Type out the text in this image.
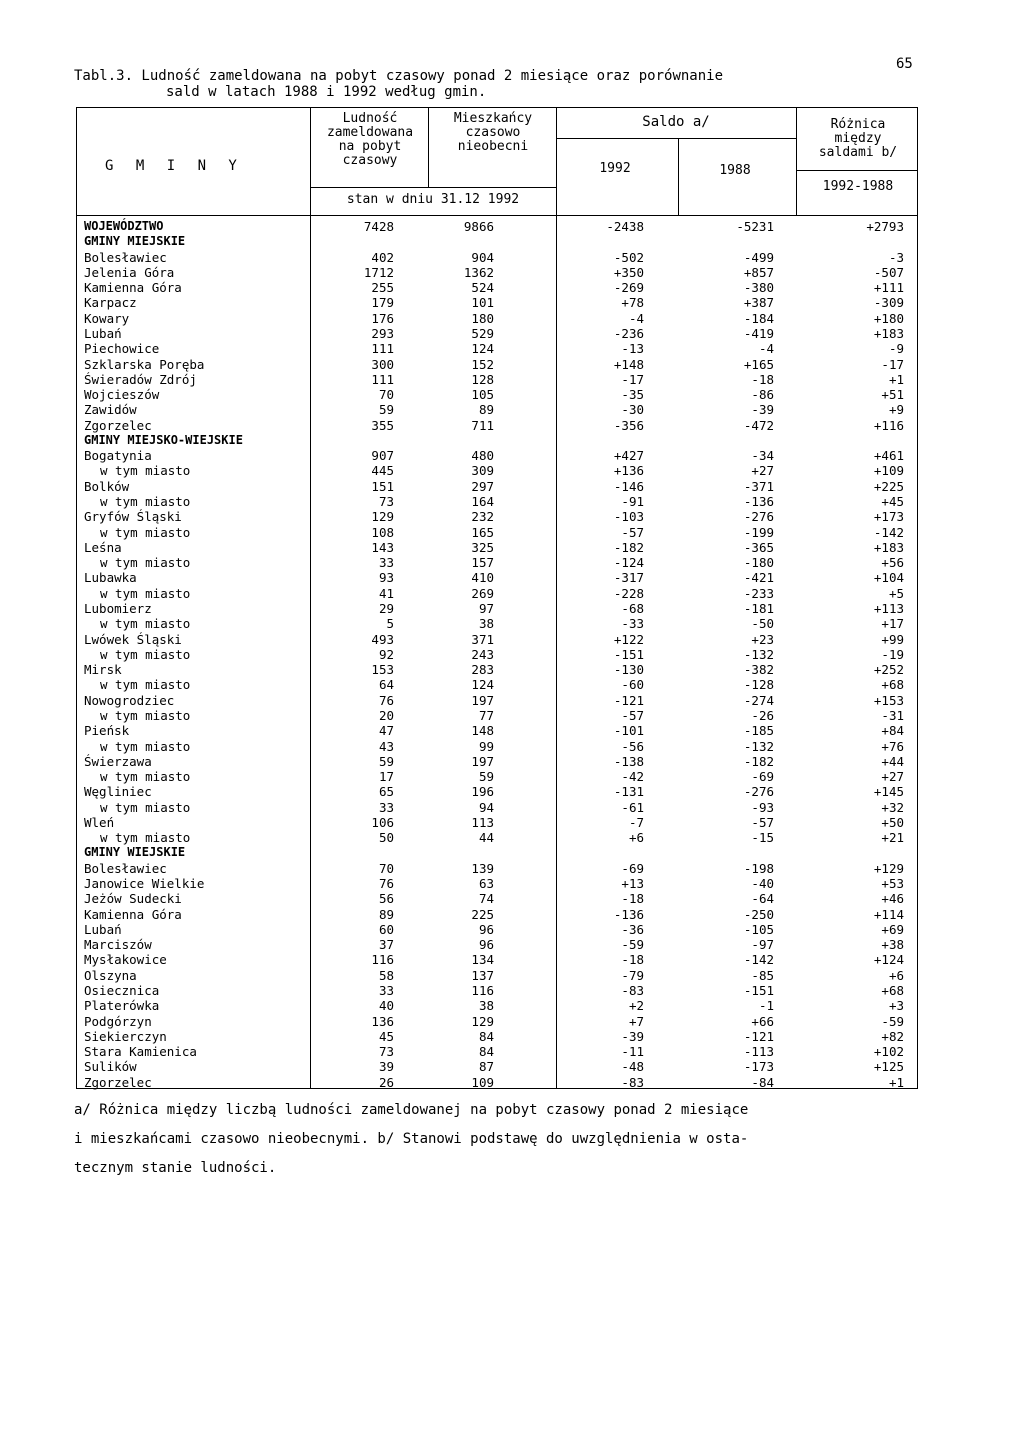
65
Tabl.3. Ludność zameldowana na pobyt czasowy ponad 2 miesiące oraz porównanie
sald w latach 1988 i 1992 według gmin.
G M I N Y
Ludność
zameldowana
na pobyt
czasowy
Mieszkańcy
czasowo
nieobecni
stan w dniu 31.12 1992
Saldo a/
1992	1988
Różnica
między
saldami b/
1992-1988
WOJEWÓDZTWO	7428	9866	-2438	-5231	+2793
GMINY MIEJSKIE
Bolesławiec	402	904	-502	-499	-3
Jelenia Góra	1712	1362	+350	+857	-507
Kamienna Góra	255	524	-269	-380	+111
Karpacz	179	101	+78	+387	-309
Kowary	176	180	-4	-184	+180
Lubań	293	529	-236	-419	+183
Piechowice	111	124	-13	-4	-9
Szklarska Poręba	300	152	+148	+165	-17
Świeradów Zdrój	111	128	-17	-18	+1
Wojcieszów	70	105	-35	-86	+51
Zawidów	59	89	-30	-39	+9
Zgorzelec	355	711	-356	-472	+116
GMINY MIEJSKO-WIEJSKIE
Bogatynia	907	480	+427	-34	+461
w tym miasto	445	309	+136	+27	+109
Bolków	151	297	-146	-371	+225
w tym miasto	73	164	-91	-136	+45
Gryfów Śląski	129	232	-103	-276	+173
w tym miasto	108	165	-57	-199	-142
Leśna	143	325	-182	-365	+183
w tym miasto	33	157	-124	-180	+56
Lubawka	93	410	-317	-421	+104
w tym miasto	41	269	-228	-233	+5
Lubomierz	29	97	-68	-181	+113
w tym miasto	5	38	-33	-50	+17
Lwówek Śląski	493	371	+122	+23	+99
w tym miasto	92	243	-151	-132	-19
Mirsk	153	283	-130	-382	+252
w tym miasto	64	124	-60	-128	+68
Nowogrodziec	76	197	-121	-274	+153
w tym miasto	20	77	-57	-26	-31
Pieńsk	47	148	-101	-185	+84
w tym miasto	43	99	-56	-132	+76
Świerzawa	59	197	-138	-182	+44
w tym miasto	17	59	-42	-69	+27
Węgliniec	65	196	-131	-276	+145
w tym miasto	33	94	-61	-93	+32
Wleń	106	113	-7	-57	+50
w tym miasto	50	44	+6	-15	+21
GMINY WIEJSKIE
Bolesławiec	70	139	-69	-198	+129
Janowice Wielkie	76	63	+13	-40	+53
Jeżów Sudecki	56	74	-18	-64	+46
Kamienna Góra	89	225	-136	-250	+114
Lubań	60	96	-36	-105	+69
Marciszów	37	96	-59	-97	+38
Mysłakowice	116	134	-18	-142	+124
Olszyna	58	137	-79	-85	+6
Osiecznica	33	116	-83	-151	+68
Platerówka	40	38	+2	-1	+3
Podgórzyn	136	129	+7	+66	-59
Siekierczyn	45	84	-39	-121	+82
Stara Kamienica	73	84	-11	-113	+102
Sulików	39	87	-48	-173	+125
Zgorzelec	26	109	-83	-84	+1

a/ Różnica między liczbą ludności zameldowanej na pobyt czasowy ponad 2 miesiące

i mieszkańcami czasowo nieobecnymi. b/ Stanowi podstawę do uwzględnienia w osta-

tecznym stanie ludności.
